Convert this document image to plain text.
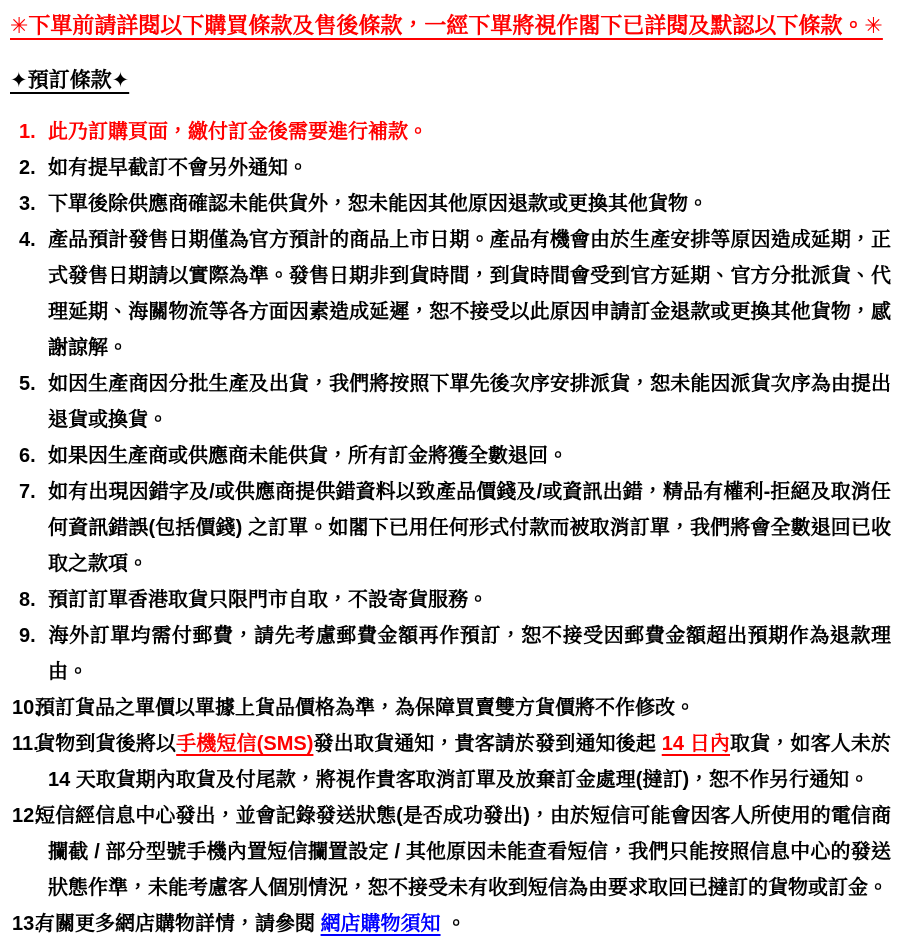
✳下單前請詳閱以下購買條款及售後條款，一經下單將視作閣下已詳閱及默認以下條款。✳

✦預訂條款✦
1. 此乃訂購頁面，繳付訂金後需要進行補款。
2. 如有提早截訂不會另外通知。
3. 下單後除供應商確認未能供貨外，恕未能因其他原因退款或更換其他貨物。
4. 產品預計發售日期僅為官方預計的商品上市日期。產品有機會由於生產安排等原因造成延期，正式發售日期請以實際為準。發售日期非到貨時間，到貨時間會受到官方延期、官方分批派貨、代理延期、海關物流等各方面因素造成延遲，恕不接受以此原因申請訂金退款或更換其他貨物，感謝諒解。
5. 如因生產商因分批生產及出貨，我們將按照下單先後次序安排派貨，恕未能因派貨次序為由提出退貨或換貨。
6. 如果因生產商或供應商未能供貨，所有訂金將獲全數退回。
7. 如有出現因錯字及/或供應商提供錯資料以致產品價錢及/或資訊出錯，精品有權利-拒絕及取消任何資訊錯誤(包括價錢) 之訂單。如閣下已用任何形式付款而被取消訂單，我們將會全數退回已收取之款項。
8. 預訂訂單香港取貨只限門市自取，不設寄貨服務。
9. 海外訂單均需付郵費，請先考慮郵費金額再作預訂，恕不接受因郵費金額超出預期作為退款理由。
10.預訂貨品之單價以單據上貨品價格為準，為保障買賣雙方貨價將不作修改。
11.貨物到貨後將以手機短信(SMS)發出取貨通知，貴客請於發到通知後起 14 日內取貨，如客人未於 14 天取貨期內取貨及付尾款，將視作貴客取消訂單及放棄訂金處理(撻訂)，恕不作另行通知。
12.短信經信息中心發出，並會記錄發送狀態(是否成功發出)，由於短信可能會因客人所使用的電信商攔截 / 部分型號手機內置短信攔置設定 / 其他原因未能查看短信，我們只能按照信息中心的發送狀態作準，未能考慮客人個別情況，恕不接受未有收到短信為由要求取回已撻訂的貨物或訂金。
13.有關更多網店購物詳情，請參閱 網店購物須知 。
